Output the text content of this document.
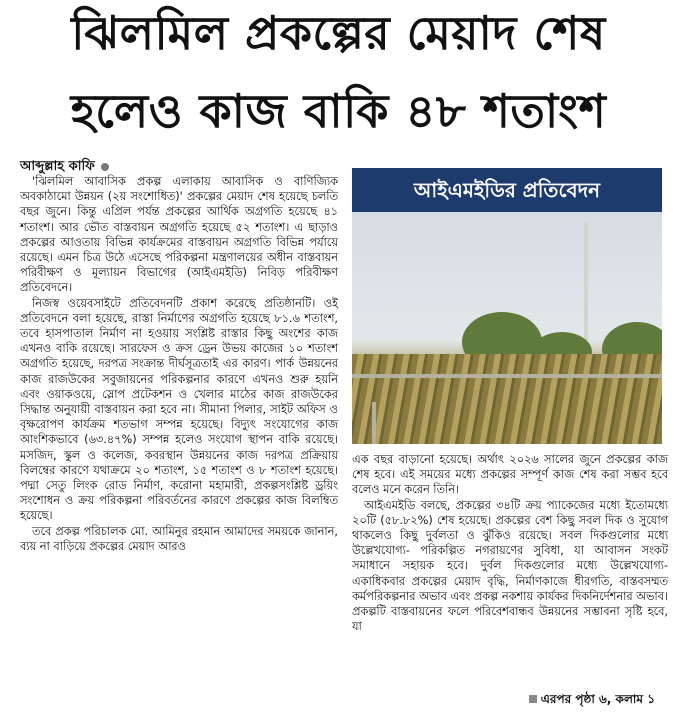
ঝিলমিল প্রকল্পের মেয়াদ শেষ
হলেও কাজ বাকি ৪৮ শতাংশ
আব্দুল্লাহ কাফি

'ঝিলমিল আবাসিক প্রকল্প এলাকায় আবাসিক ও বাণিজ্যিক অবকাঠামো উন্নয়ন (২য় সংশোধিত)' প্রকল্পের মেয়াদ শেষ হয়েছে চলতি বছর জুনে। কিন্তু এপ্রিল পর্যন্ত প্রকল্পের আর্থিক অগ্রগতি হয়েছে ৪১ শতাংশ। আর ভৌত বাস্তবায়ন অগ্রগতি হয়েছে ৫২ শতাংশ। এ ছাড়াও প্রকল্পের আওতায় বিভিন্ন কার্যক্রমের বাস্তবায়ন অগ্রগতি বিভিন্ন পর্যায়ে রয়েছে। এমন চিত্র উঠে এসেছে পরিকল্পনা মন্ত্রণালয়ের অধীন বাস্তবায়ন পরিবীক্ষণ ও মূল্যায়ন বিভাগের (আইএমইডি) নিবিড় পরিবীক্ষণ প্রতিবেদনে।

নিজস্ব ওয়েবসাইটে প্রতিবেদনটি প্রকাশ করেছে প্রতিষ্ঠানটি। ওই প্রতিবেদনে বলা হয়েছে, রাস্তা নির্মাণের অগ্রগতি হয়েছে ৮১.৬ শতাংশ, তবে হাসপাতাল নির্মাণ না হওয়ায় সংশ্লিষ্ট রাস্তার কিছু অংশের কাজ এখনও বাকি রয়েছে। সারফেস ও ক্রস ড্রেন উভয় কাজের ১০ শতাংশ অগ্রগতি হয়েছে, দরপত্র সংক্রান্ত দীর্ঘসূত্রতাই এর কারণ। পার্ক উন্নয়নের কাজ রাজউকের সবুজায়নের পরিকল্পনার কারণে এখনও শুরু হয়নি এবং ওয়াকওয়ে, স্লোপ প্রটেকশন ও খেলার মাঠের কাজ রাজউকের সিদ্ধান্ত অনুযায়ী বাস্তবায়ন করা হবে না। সীমানা পিলার, সাইট অফিস ও বৃক্ষরোপণ কার্যক্রম শতভাগ সম্পন্ন হয়েছে। বিদ্যুৎ সংযোগের কাজ আংশিকভাবে (৬৩.৪৭%) সম্পন্ন হলেও সংযোগ স্থাপন বাকি রয়েছে। মসজিদ, স্কুল ও কলেজ, কবরস্থান উন্নয়নের কাজ দরপত্র প্রক্রিয়ায় বিলম্বের কারণে যথাক্রমে ২০ শতাংশ, ১৫ শতাংশ ও ৮ শতাংশ হয়েছে। পদ্মা সেতু লিংক রোড নির্মাণ, করোনা মহামারী, প্রকল্পসংশ্লিষ্ট ড্রয়িং সংশোধন ও ক্রয় পরিকল্পনা পরিবর্তনের কারণে প্রকল্পের কাজ বিলম্বিত হয়েছে।

তবে প্রকল্প পরিচালক মো. আমিনুর রহমান আমাদের সময়কে জানান, ব্যয় না বাড়িয়ে প্রকল্পের মেয়াদ আরও

আইএমইডির প্রতিবেদন

এক বছর বাড়ানো হয়েছে। অর্থাৎ ২০২৬ সালের জুনে প্রকল্পের কাজ শেষ হবে। এই সময়ের মধ্যে প্রকল্পের সম্পূর্ণ কাজ শেষ করা সম্ভব হবে বলেও মনে করেন তিনি।

আইএমইডি বলছে, প্রকল্পের ৩৪টি ক্রয় প্যাকেজের মধ্যে ইতোমধ্যে ২০টি (৫৮.৮২%) শেষ হয়েছে। প্রকল্পের বেশ কিছু সবল দিক ও সুযোগ থাকলেও কিছু দুর্বলতা ও ঝুঁকিও রয়েছে। সবল দিকগুলোর মধ্যে উল্লেখযোগ্য- পরিকল্পিত নগরায়ণের সুবিধা, যা আবাসন সংকট সমাধানে সহায়ক হবে। দুর্বল দিকগুলোর মধ্যে উল্লেখযোগ্য- একাধিকবার প্রকল্পের মেয়াদ বৃদ্ধি, নির্মাণকাজে ধীরগতি, বাস্তবসম্মত কর্মপরিকল্পনার অভাব এবং প্রকল্প নকশায় কার্যকর দিকনির্দেশনার অভাব। প্রকল্পটি বাস্তবায়নের ফলে পরিবেশবান্ধব উন্নয়নের সম্ভাবনা সৃষ্টি হবে, যা

এরপর পৃষ্ঠা ৬, কলাম ১
